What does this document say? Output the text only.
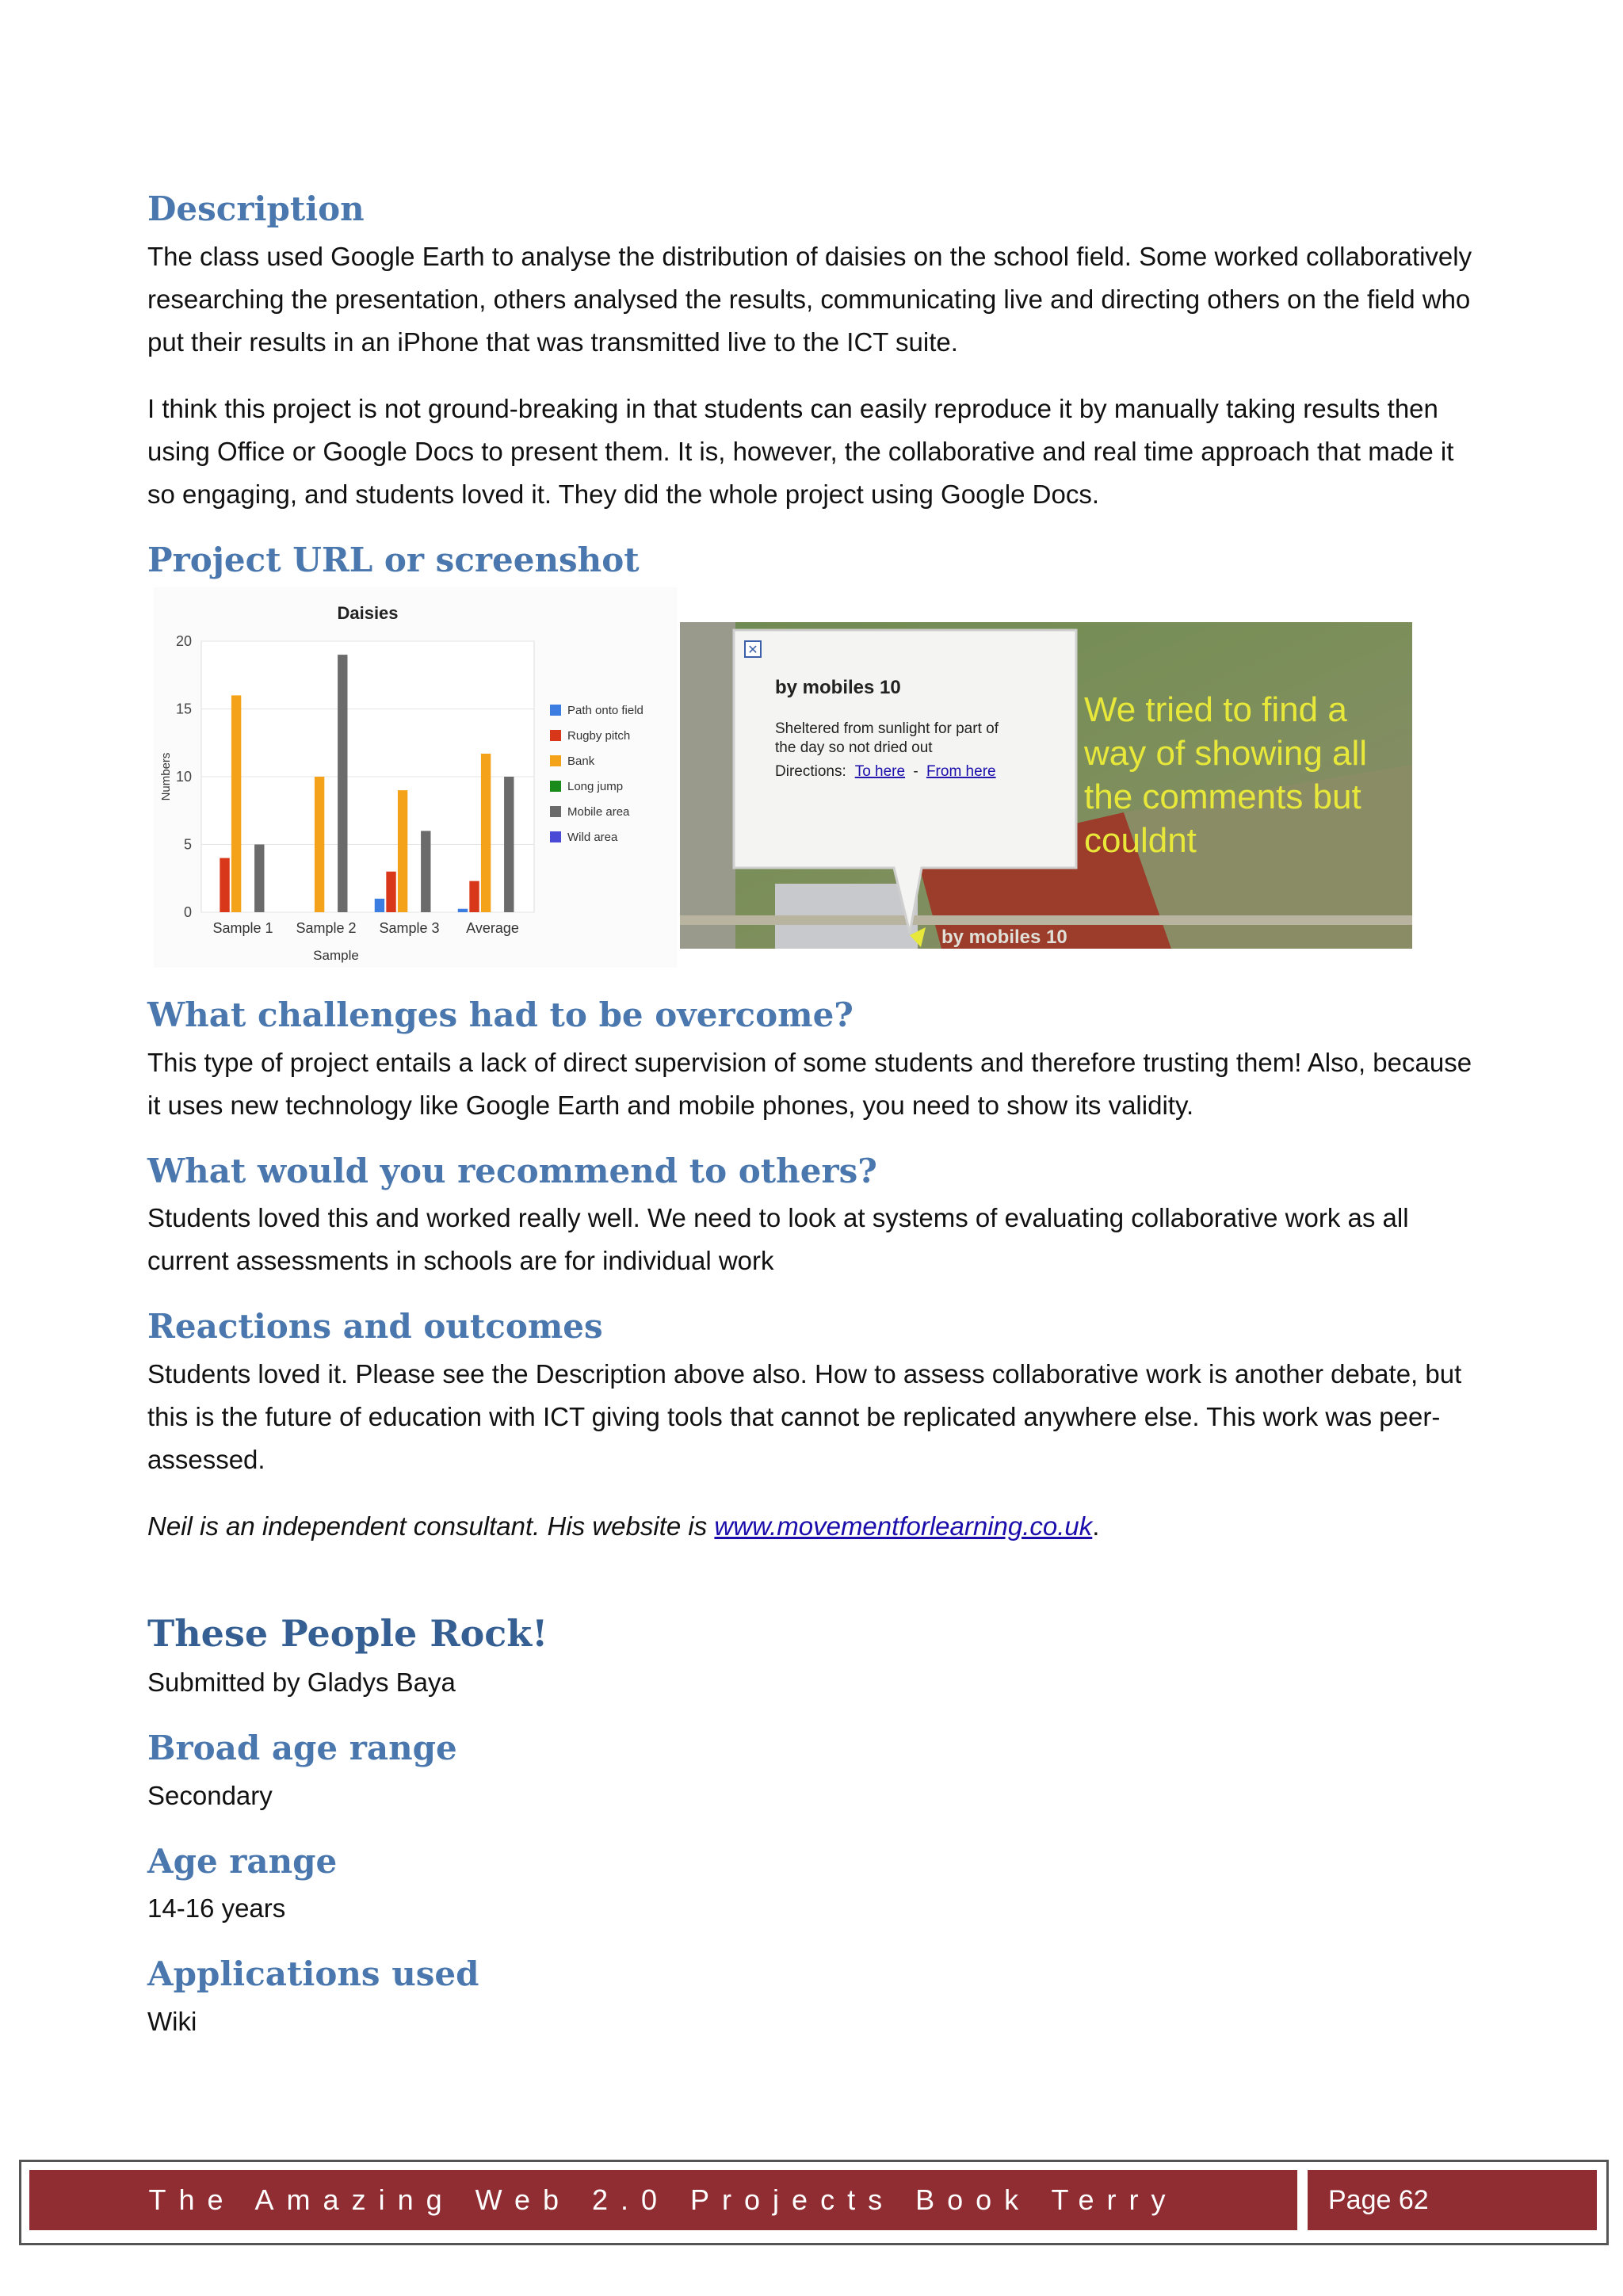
Description

The class used Google Earth to analyse the distribution of daisies on the school field. Some worked collaboratively researching the presentation, others analysed the results, communicating live and directing others on the field who put their results in an iPhone that was transmitted live to the ICT suite.

I think this project is not ground-breaking in that students can easily reproduce it by manually taking results then using Office or Google Docs to present them. It is, however, the collaborative and real time approach that made it so engaging, and students loved it. They did the whole project using Google Docs.

Project URL or screenshot
0
5
10
15
20
Daisies
Sample
Numbers
Sample 1 Sample 2 Sample 3 Average
Path onto field
Rugby pitch
Bank
Long jump
Mobile area
Wild area
✕
by mobiles 10
Sheltered from sunlight for part of
the day so not dried out
Directions: To here - From here
We tried to find a
way of showing all
the comments but
couldnt
by mobiles 10
What challenges had to be overcome?

This type of project entails a lack of direct supervision of some students and therefore trusting them! Also, because it uses new technology like Google Earth and mobile phones, you need to show its validity.

What would you recommend to others?

Students loved this and worked really well. We need to look at systems of evaluating collaborative work as all current assessments in schools are for individual work

Reactions and outcomes

Students loved it. Please see the Description above also. How to assess collaborative work is another debate, but this is the future of education with ICT giving tools that cannot be replicated anywhere else. This work was peer-assessed.

Neil is an independent consultant. His website is www.movementforlearning.co.uk.

These People Rock!

Submitted by Gladys Baya

Broad age range

Secondary

Age range

14-16 years

Applications used

Wiki

The Amazing Web 2.0 Projects Book Terry Freedman (ed)
Page 62
